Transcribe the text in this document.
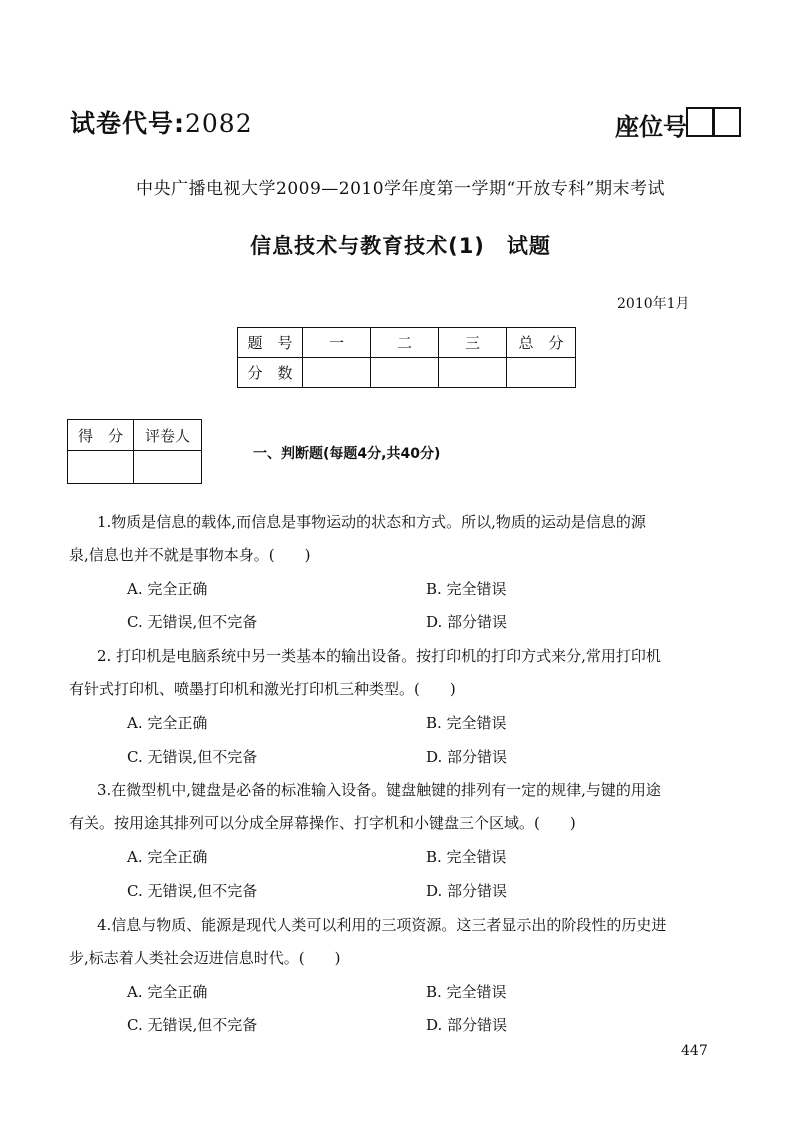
试卷代号:2082	座位号
中央广播电视大学2009—2010学年度第一学期“开放专科”期末考试
信息技术与教育技术(1)　试题
2010年1月
题　号	一	二	三	总　分
分　数				
得　分	评卷人

一、判断题(每题4分,共40分)
1.物质是信息的载体,而信息是事物运动的状态和方式。所以,物质的运动是信息的源
泉,信息也并不就是事物本身。(　　)
A. 完全正确	B. 完全错误
C. 无错误,但不完备	D. 部分错误
2. 打印机是电脑系统中另一类基本的输出设备。按打印机的打印方式来分,常用打印机
有针式打印机、喷墨打印机和激光打印机三种类型。(　　)
A. 完全正确	B. 完全错误
C. 无错误,但不完备	D. 部分错误
3.在微型机中,键盘是必备的标准输入设备。键盘触键的排列有一定的规律,与键的用途
有关。按用途其排列可以分成全屏幕操作、打字机和小键盘三个区域。(　　)
A. 完全正确	B. 完全错误
C. 无错误,但不完备	D. 部分错误
4.信息与物质、能源是现代人类可以利用的三项资源。这三者显示出的阶段性的历史进
步,标志着人类社会迈进信息时代。(　　)
A. 完全正确	B. 完全错误
C. 无错误,但不完备	D. 部分错误
447
